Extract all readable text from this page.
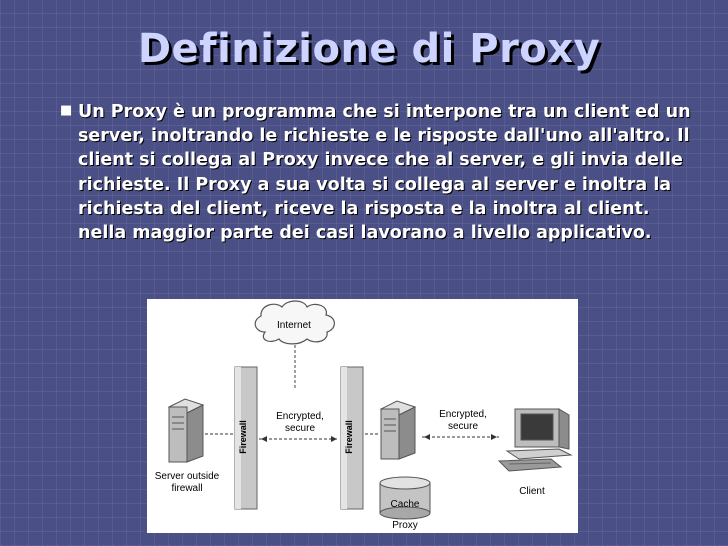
Definizione di Proxy
■ Un Proxy è un programma che si interpone tra un client ed un server, inoltrando le richieste e le risposte dall'uno all'altro. Il client si collega al Proxy invece che al server, e gli invia delle richieste. Il Proxy a sua volta si collega al server e inoltra la richiesta del client, riceve la risposta e la inoltra al client. nella maggior parte dei casi lavorano a livello applicativo.
Internet
Firewall	Firewall
Encrypted, secure
Encrypted, secure
Server outside firewall
Cache
Proxy
Client
